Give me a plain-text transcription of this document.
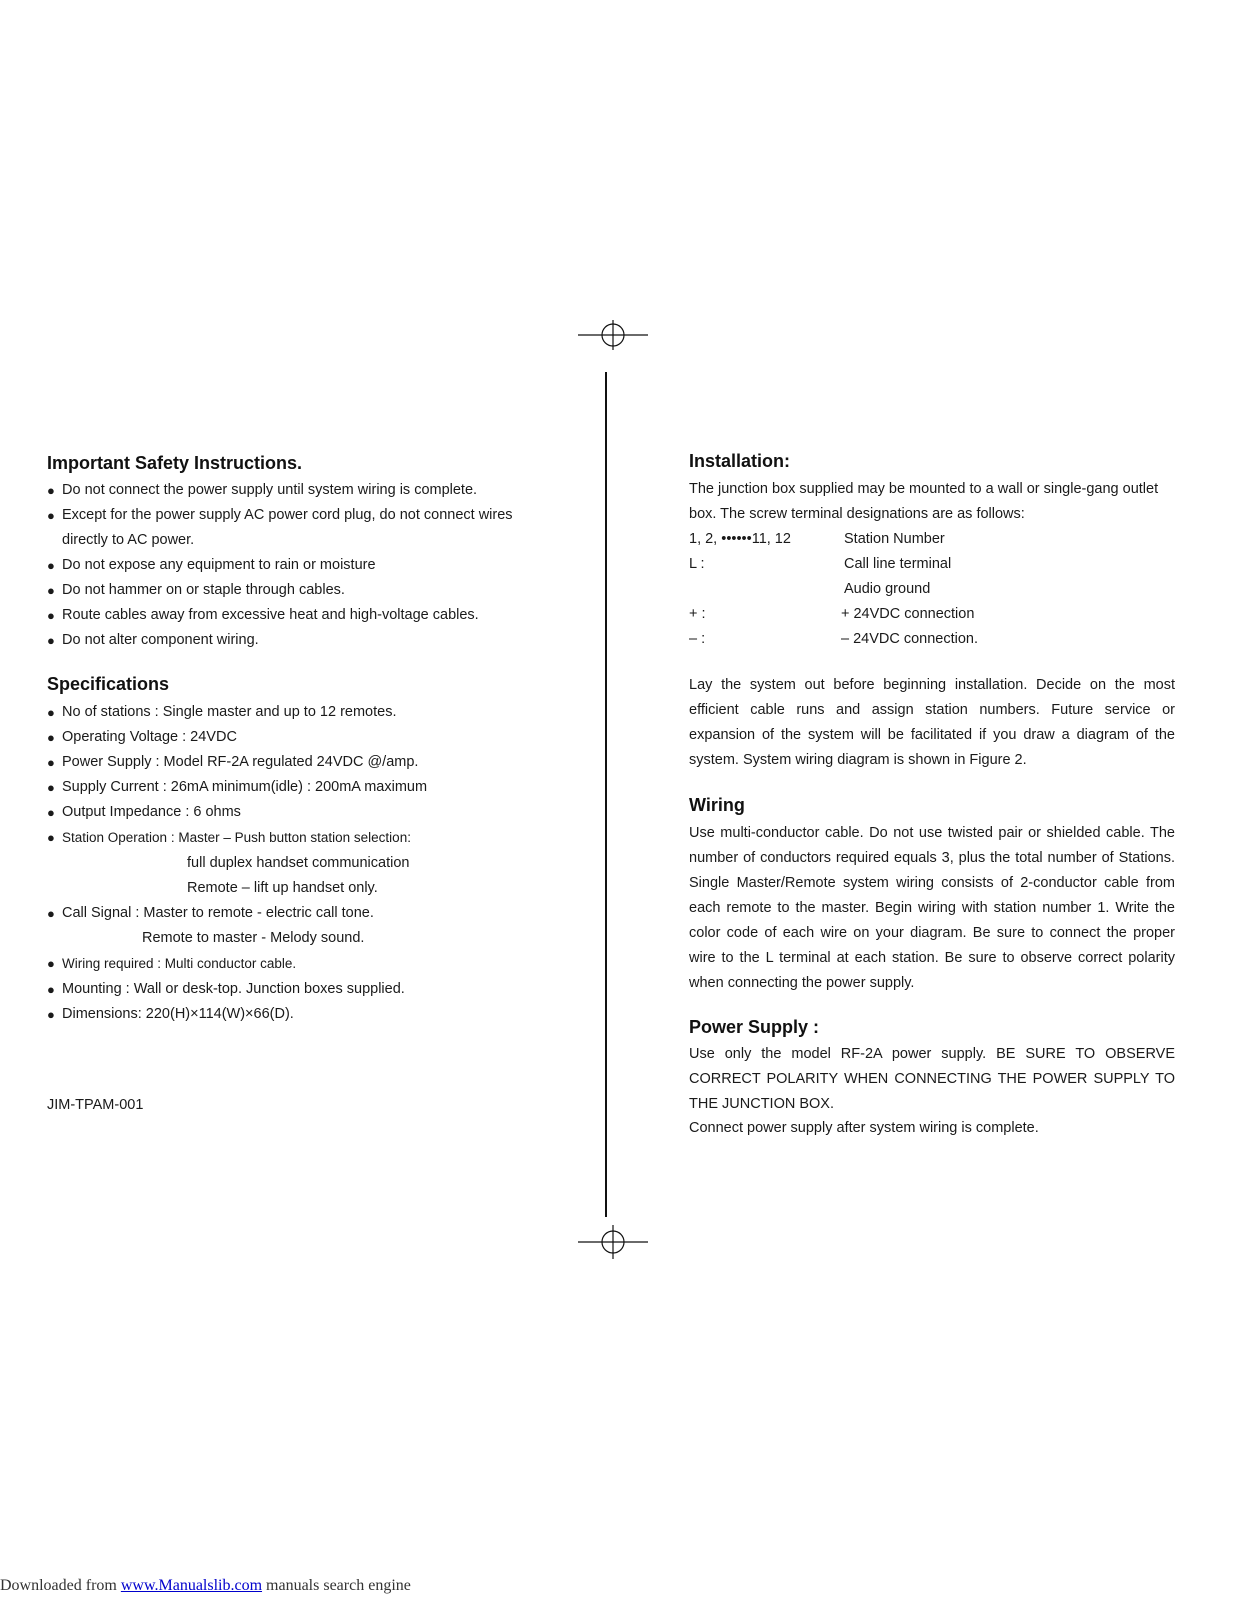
Important Safety Instructions.
● Do not connect the power supply until system wiring is complete.
● Except for the power supply AC power cord plug, do not connect wires
directly to AC power.
● Do not expose any equipment to rain or moisture
● Do not hammer on or staple through cables.
● Route cables away from excessive heat and high-voltage cables.
● Do not alter component wiring.
Specifications
● No of stations : Single master and up to 12 remotes.
● Operating Voltage : 24VDC
● Power Supply : Model RF-2A regulated 24VDC @/amp.
● Supply Current : 26mA minimum(idle) : 200mA maximum
● Output Impedance : 6 ohms
● Station Operation : Master – Push button station selection:
full duplex handset communication
Remote – lift up handset only.
● Call Signal : Master to remote - electric call tone.
Remote to master - Melody sound.
● Wiring required : Multi conductor cable.
● Mounting : Wall or desk-top. Junction boxes supplied.
● Dimensions: 220(H)×114(W)×66(D).
JIM-TPAM-001
Installation:
The junction box supplied may be mounted to a wall or single-gang outlet
box. The screw terminal designations are as follows:
1, 2, ••••••11, 12	Station Number
L :	Call line terminal
	Audio ground
+ :	+ 24VDC connection
– :	– 24VDC connection.
Lay the system out before beginning installation. Decide on the most efficient cable runs and assign station numbers. Future service or expansion of the system will be facilitated if you draw a diagram of the system. System wiring diagram is shown in Figure 2.
Wiring
Use multi-conductor cable. Do not use twisted pair or shielded cable. The number of conductors required equals 3, plus the total number of Stations. Single Master/Remote system wiring consists of 2-conductor cable from each remote to the master. Begin wiring with station number 1. Write the color code of each wire on your diagram. Be sure to connect the proper wire to the L terminal at each station. Be sure to observe correct polarity when connecting the power supply.
Power Supply :
Use only the model RF-2A power supply. BE SURE TO OBSERVE CORRECT POLARITY WHEN CONNECTING THE POWER SUPPLY TO THE JUNCTION BOX.
Connect power supply after system wiring is complete.
Downloaded from www.Manualslib.com manuals search engine
